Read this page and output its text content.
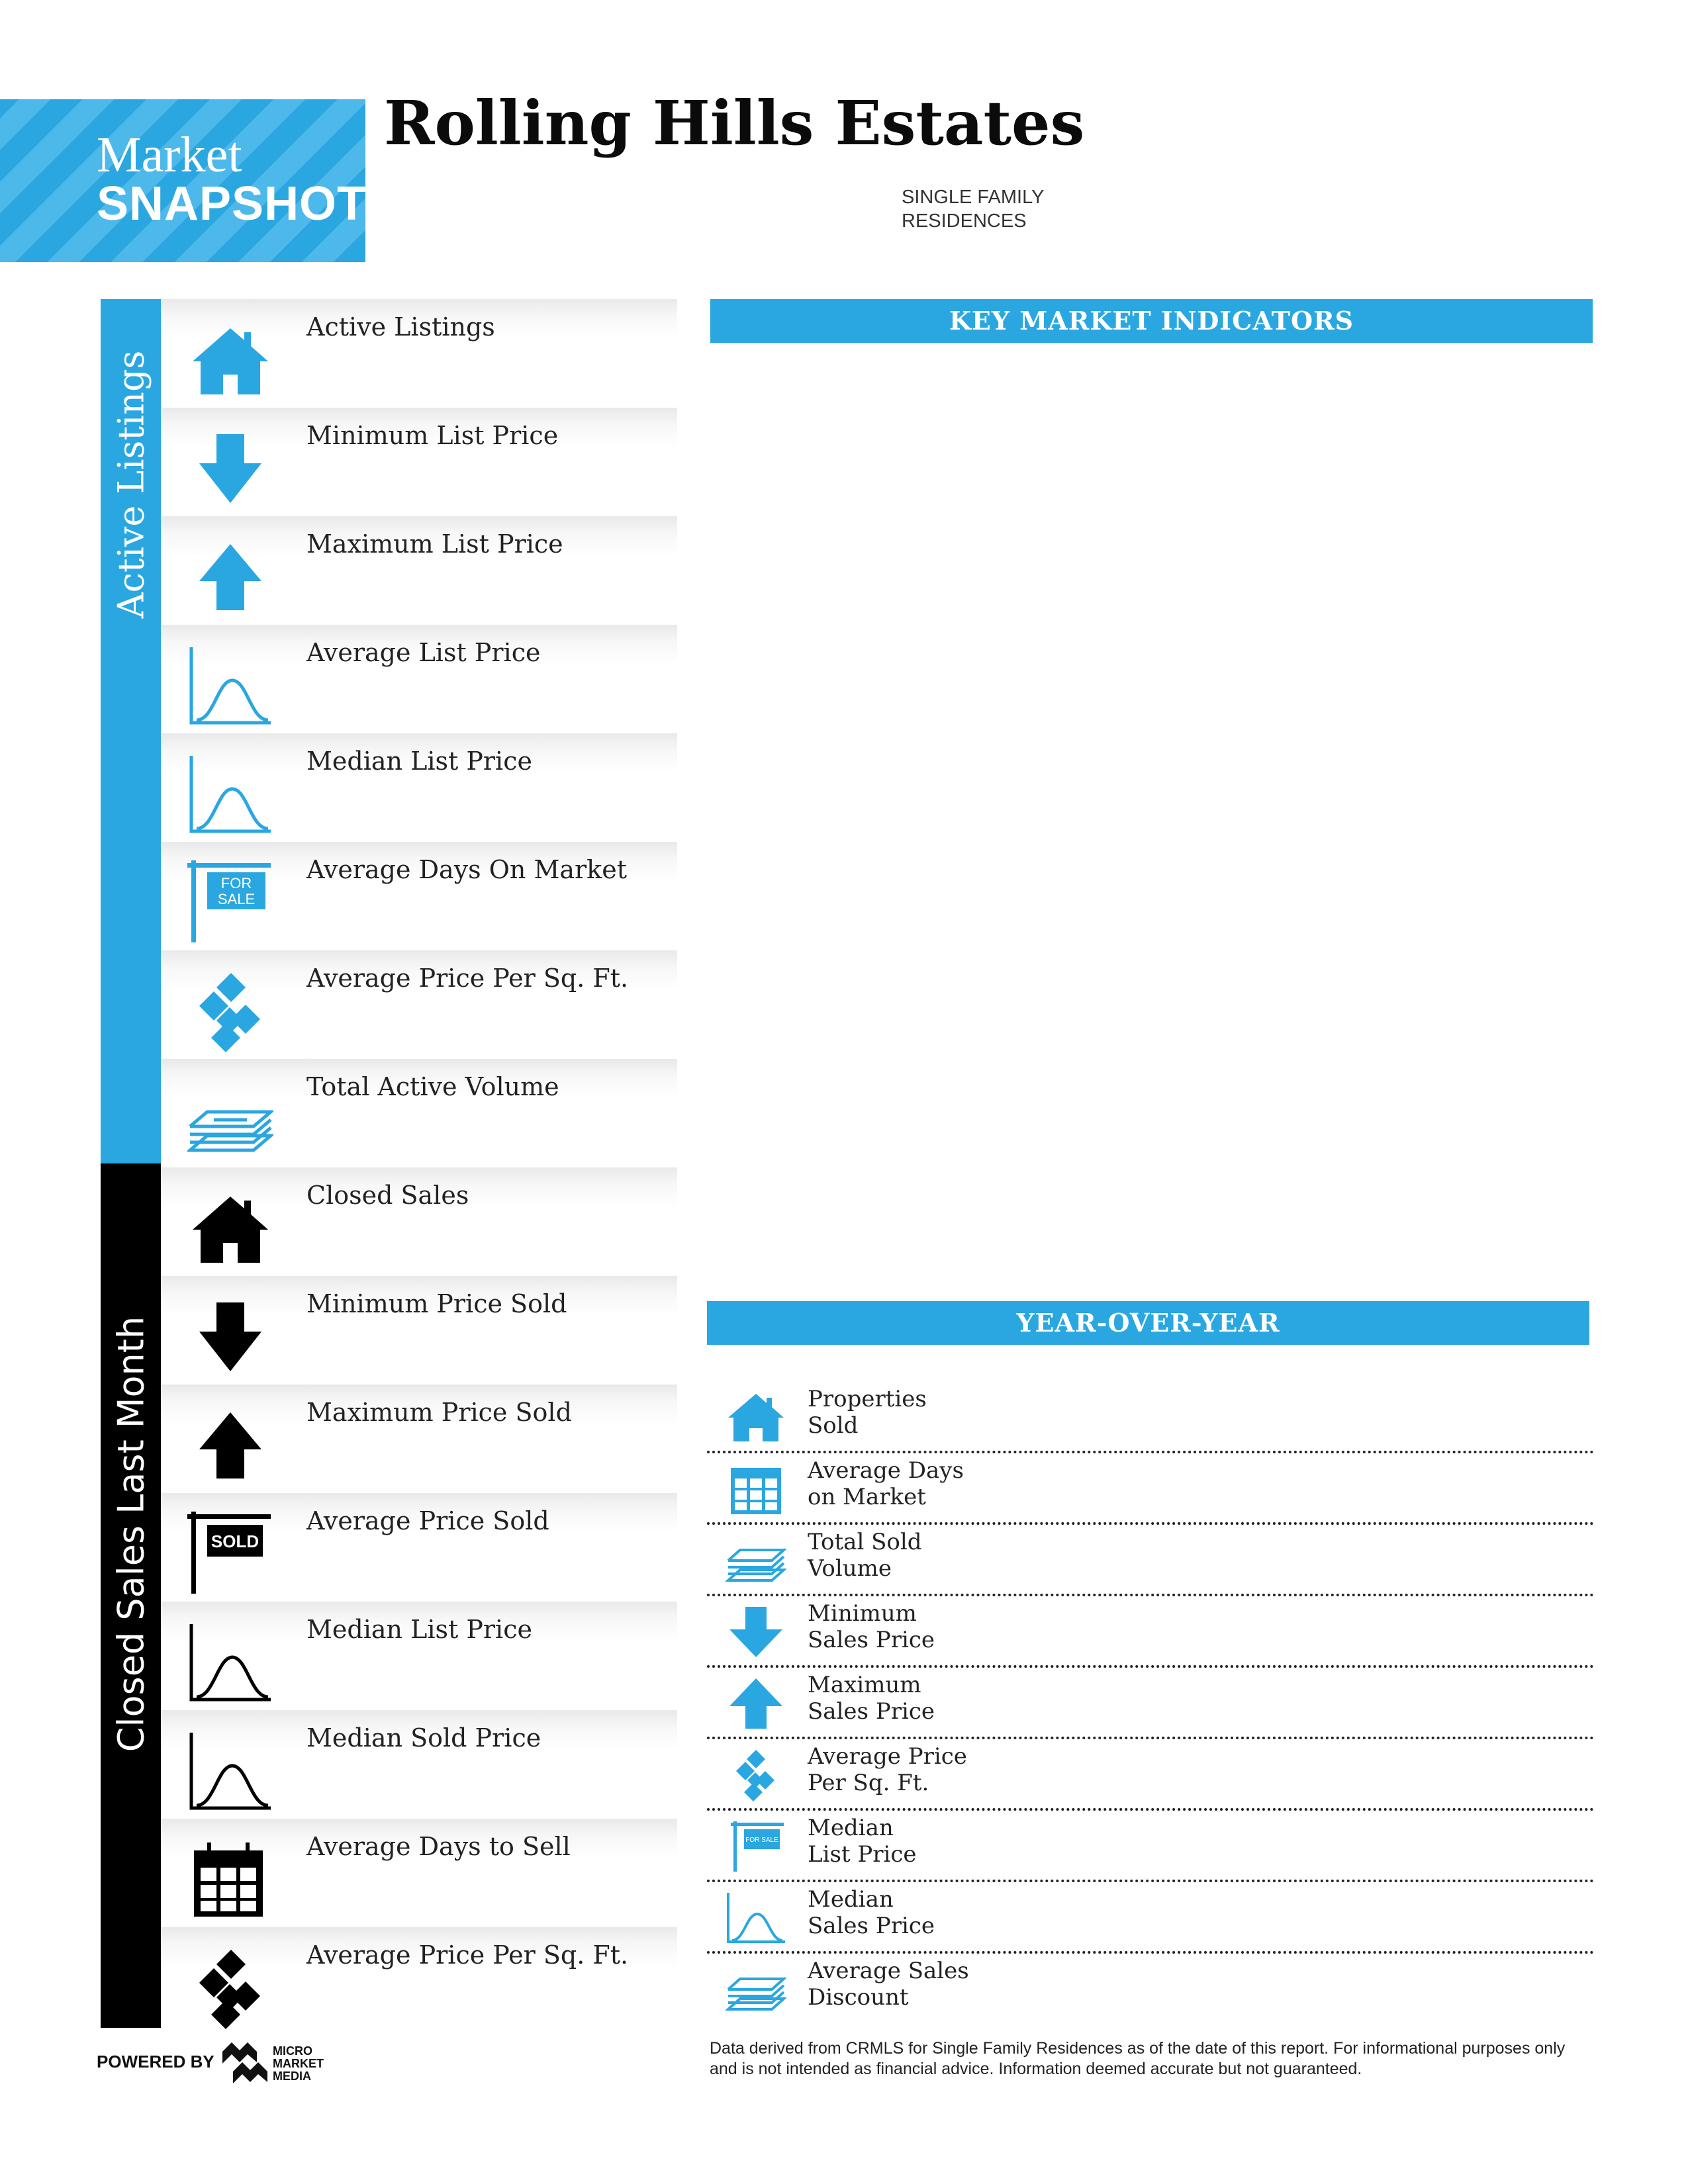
Market
SNAPSHOT
Rolling Hills Estates
SINGLE FAMILY
RESIDENCES
Active Listings
Closed Sales Last Month
Active Listings
Minimum List Price
Maximum List Price
Average List Price
Median List Price
FOR
SALE
Average Days On Market
Average Price Per Sq. Ft.
Total Active Volume
Closed Sales
Minimum Price Sold
Maximum Price Sold
SOLD
Average Price Sold
Median List Price
Median Sold Price
Average Days to Sell
Average Price Per Sq. Ft.
KEY MARKET INDICATORS
YEAR-OVER-YEAR
Properties
Sold
Average Days
on Market
Total Sold
Volume
Minimum
Sales Price
Maximum
Sales Price
Average Price
Per Sq. Ft.
FOR SALE Median
List Price
Median
Sales Price
Average Sales
Discount
POWERED BY
MICRO
MARKET
MEDIA
Data derived from CRMLS for Single Family Residences as of the date of this report. For informational purposes only and is not intended as financial advice. Information deemed accurate but not guaranteed.
